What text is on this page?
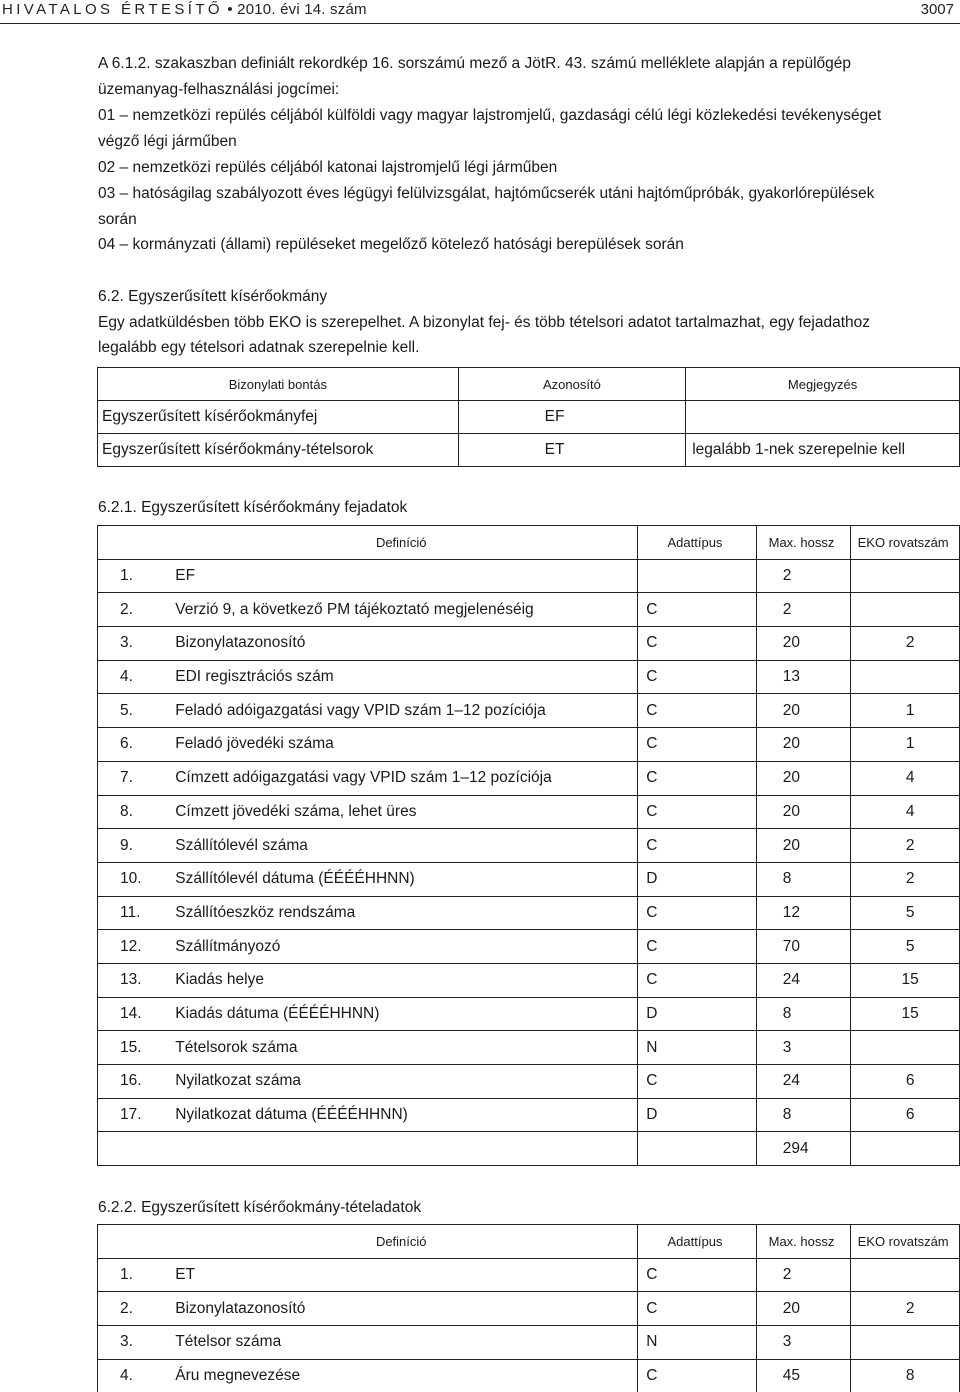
HIVATALOS ÉRTESÍTŐ • 2010. évi 14. szám	3007
A 6.1.2. szakaszban definiált rekordkép 16. sorszámú mező a JötR. 43. számú melléklete alapján a repülőgép
üzemanyag-felhasználási jogcímei:
01 – nemzetközi repülés céljából külföldi vagy magyar lajstromjelű, gazdasági célú légi közlekedési tevékenységet
végző légi járműben
02 – nemzetközi repülés céljából katonai lajstromjelű légi járműben
03 – hatóságilag szabályozott éves légügyi felülvizsgálat, hajtóműcserék utáni hajtóműpróbák, gyakorlórepülések
során
04 – kormányzati (állami) repüléseket megelőző kötelező hatósági berepülések során
6.2. Egyszerűsített kísérőokmány
Egy adatküldésben több EKO is szerepelhet. A bizonylat fej- és több tételsori adatot tartalmazhat, egy fejadathoz
legalább egy tételsori adatnak szerepelnie kell.
Bizonylati bontás	Azonosító	Megjegyzés
Egyszerűsített kísérőokmányfej	EF	
Egyszerűsített kísérőokmány-tételsorok	ET	legalább 1-nek szerepelnie kell
6.2.1. Egyszerűsített kísérőokmány fejadatok
	Definíció	Adattípus	Max. hossz	EKO rovatszám
1.	EF		2	
2.	Verzió 9, a következő PM tájékoztató megjelenéséig	C	2	
3.	Bizonylatazonosító	C	20	2
4.	EDI regisztrációs szám	C	13	
5.	Feladó adóigazgatási vagy VPID szám 1–12 pozíciója	C	20	1
6.	Feladó jövedéki száma	C	20	1
7.	Címzett adóigazgatási vagy VPID szám 1–12 pozíciója	C	20	4
8.	Címzett jövedéki száma, lehet üres	C	20	4
9.	Szállítólevél száma	C	20	2
10.	Szállítólevél dátuma (ÉÉÉÉHHNN)	D	8	2
11.	Szállítóeszköz rendszáma	C	12	5
12.	Szállítmányozó	C	70	5
13.	Kiadás helye	C	24	15
14.	Kiadás dátuma (ÉÉÉÉHHNN)	D	8	15
15.	Tételsorok száma	N	3	
16.	Nyilatkozat száma	C	24	6
17.	Nyilatkozat dátuma (ÉÉÉÉHHNN)	D	8	6
			294	
6.2.2. Egyszerűsített kísérőokmány-tételadatok
	Definíció	Adattípus	Max. hossz	EKO rovatszám
1.	ET	C	2	
2.	Bizonylatazonosító	C	20	2
3.	Tételsor száma	N	3	
4.	Áru megnevezése	C	45	8
